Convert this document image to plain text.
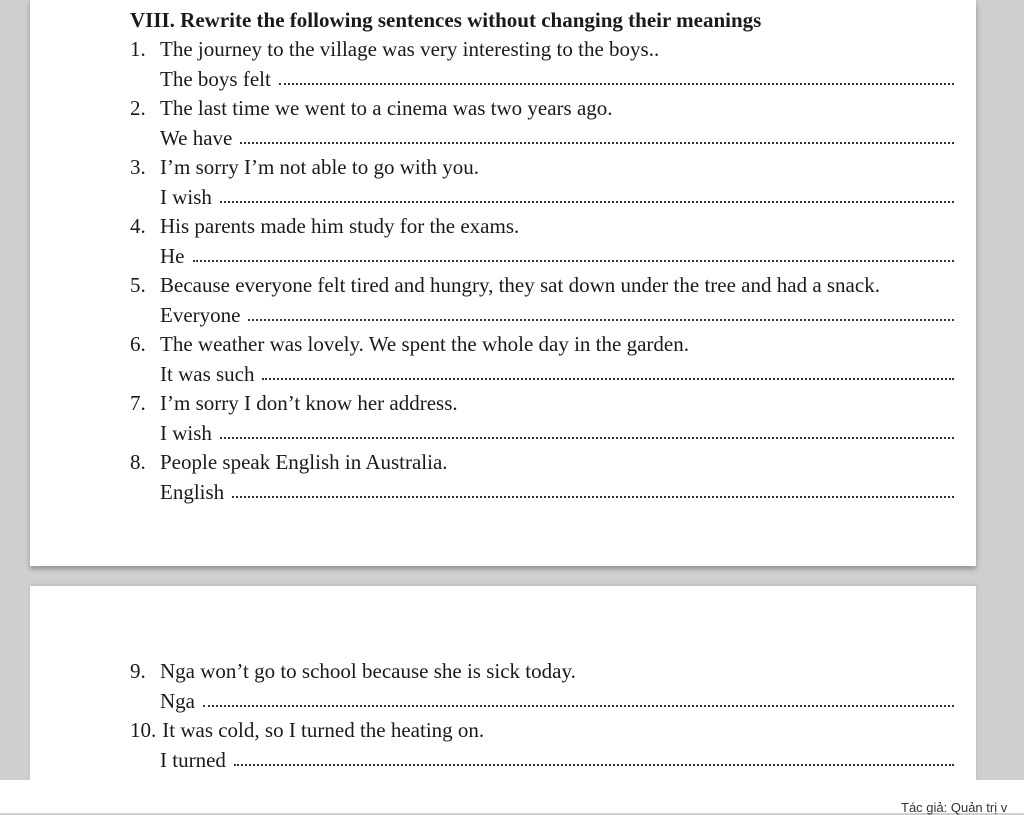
VIII. Rewrite the following sentences without changing their meanings
1. The journey to the village was very interesting to the boys..
The boys felt
2. The last time we went to a cinema was two years ago.
We have
3. I’m sorry I’m not able to go with you.
I wish
4. His parents made him study for the exams.
He
5. Because everyone felt tired and hungry, they sat down under the tree and had a snack.
Everyone
6. The weather was lovely. We spent the whole day in the garden.
It was such
7. I’m sorry I don’t know her address.
I wish
8. People speak English in Australia.
English
9. Nga won’t go to school because she is sick today.
Nga
10. It was cold, so I turned the heating on.
I turned
Tác giả: Quản trị v
